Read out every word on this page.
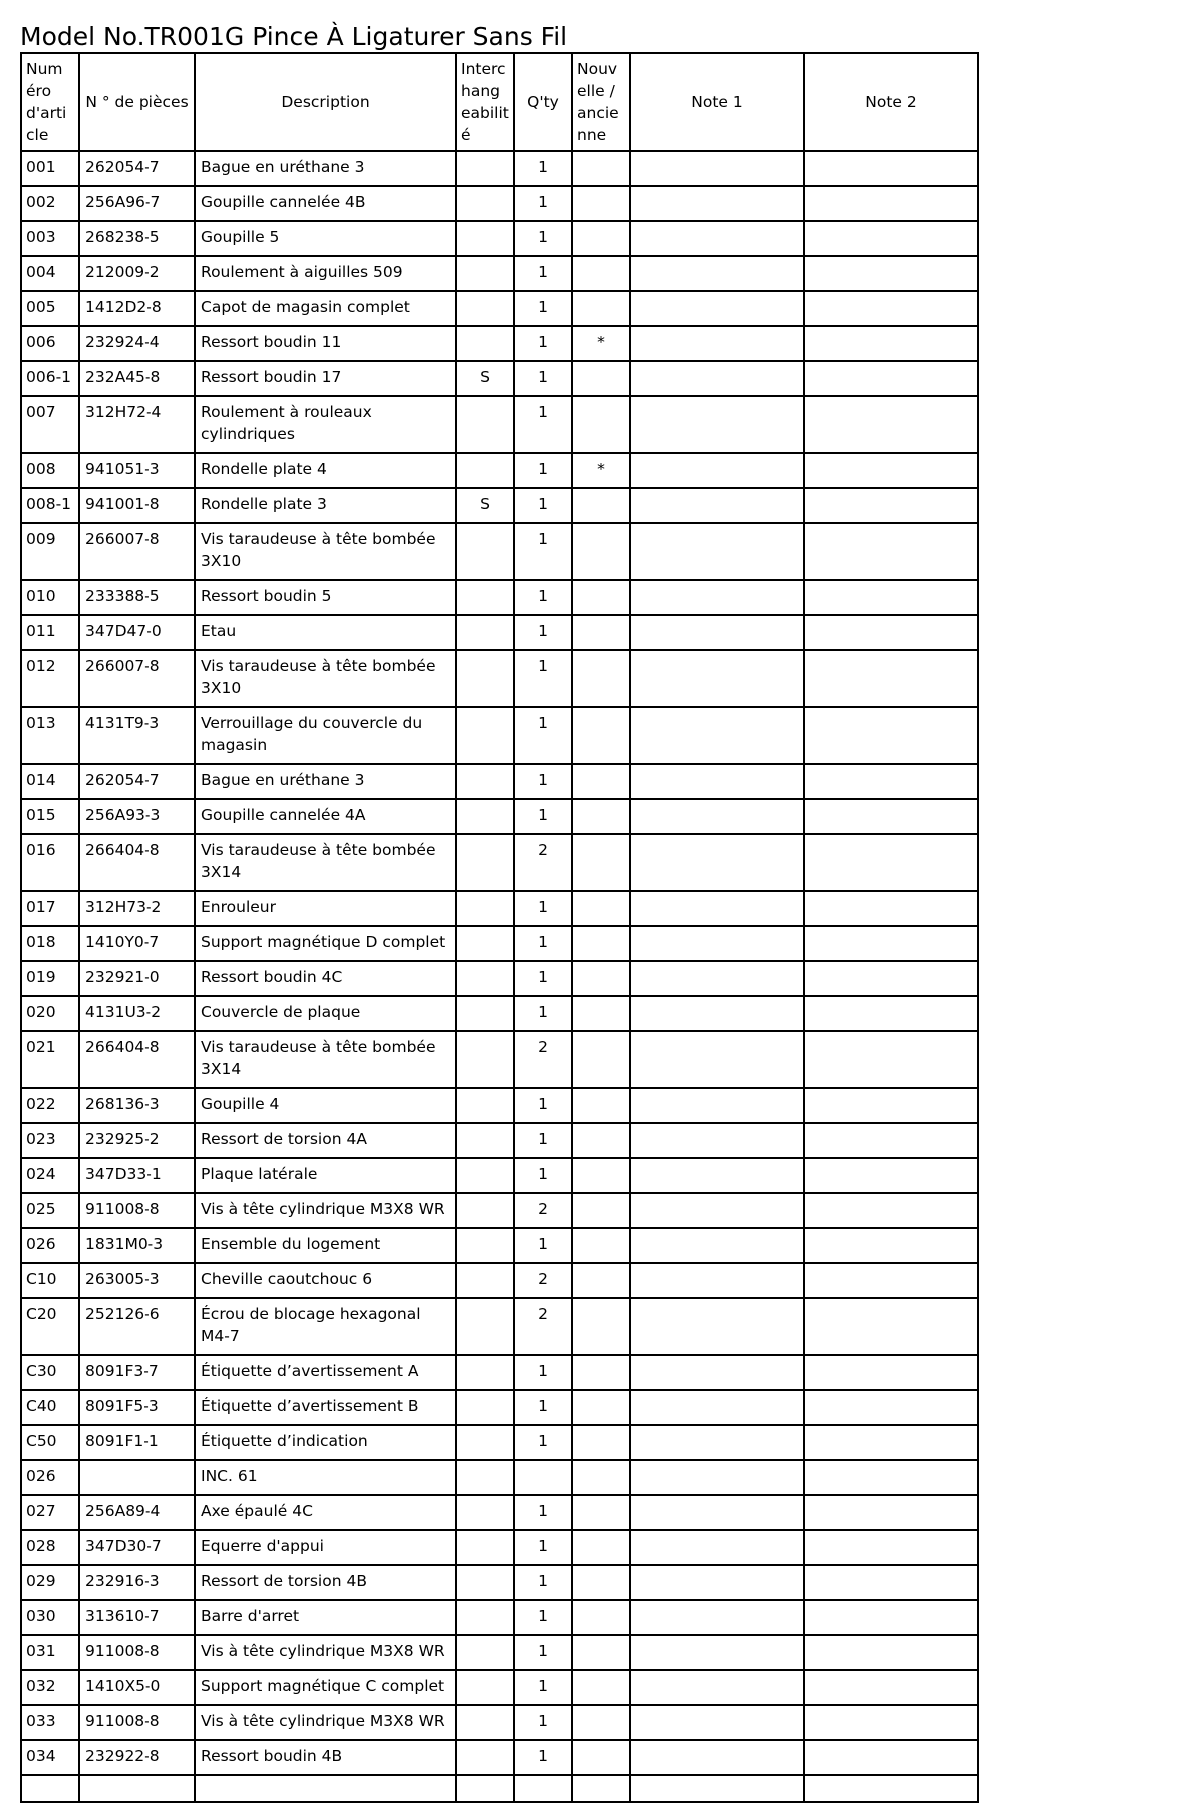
Model No.TR001G Pince À Ligaturer Sans Fil
Numéro d'article	N ° de pièces	Description	Interchangeabilité	Q'ty	Nouvelle / ancienne	Note 1	Note 2
001	262054-7	Bague en uréthane 3		1			
002	256A96-7	Goupille cannelée 4B		1			
003	268238-5	Goupille 5		1			
004	212009-2	Roulement à aiguilles 509		1			
005	1412D2-8	Capot de magasin complet		1			
006	232924-4	Ressort boudin 11		1	*		
006-1	232A45-8	Ressort boudin 17	S	1			
007	312H72-4	Roulement à rouleaux cylindriques		1			
008	941051-3	Rondelle plate 4		1	*		
008-1	941001-8	Rondelle plate 3	S	1			
009	266007-8	Vis taraudeuse à tête bombée 3X10		1			
010	233388-5	Ressort boudin 5		1			
011	347D47-0	Etau		1			
012	266007-8	Vis taraudeuse à tête bombée 3X10		1			
013	4131T9-3	Verrouillage du couvercle du magasin		1			
014	262054-7	Bague en uréthane 3		1			
015	256A93-3	Goupille cannelée 4A		1			
016	266404-8	Vis taraudeuse à tête bombée 3X14		2			
017	312H73-2	Enrouleur		1			
018	1410Y0-7	Support magnétique D complet		1			
019	232921-0	Ressort boudin 4C		1			
020	4131U3-2	Couvercle de plaque		1			
021	266404-8	Vis taraudeuse à tête bombée 3X14		2			
022	268136-3	Goupille 4		1			
023	232925-2	Ressort de torsion 4A		1			
024	347D33-1	Plaque latérale		1			
025	911008-8	Vis à tête cylindrique M3X8 WR		2			
026	1831M0-3	Ensemble du logement		1			
C10	263005-3	Cheville caoutchouc 6		2			
C20	252126-6	Écrou de blocage hexagonal M4-7		2			
C30	8091F3-7	Étiquette d’avertissement A		1			
C40	8091F5-3	Étiquette d’avertissement B		1			
C50	8091F1-1	Étiquette d’indication		1			
026		INC. 61					
027	256A89-4	Axe épaulé 4C		1			
028	347D30-7	Equerre d'appui		1			
029	232916-3	Ressort de torsion 4B		1			
030	313610-7	Barre d'arret		1			
031	911008-8	Vis à tête cylindrique M3X8 WR		1			
032	1410X5-0	Support magnétique C complet		1			
033	911008-8	Vis à tête cylindrique M3X8 WR		1			
034	232922-8	Ressort boudin 4B		1			
